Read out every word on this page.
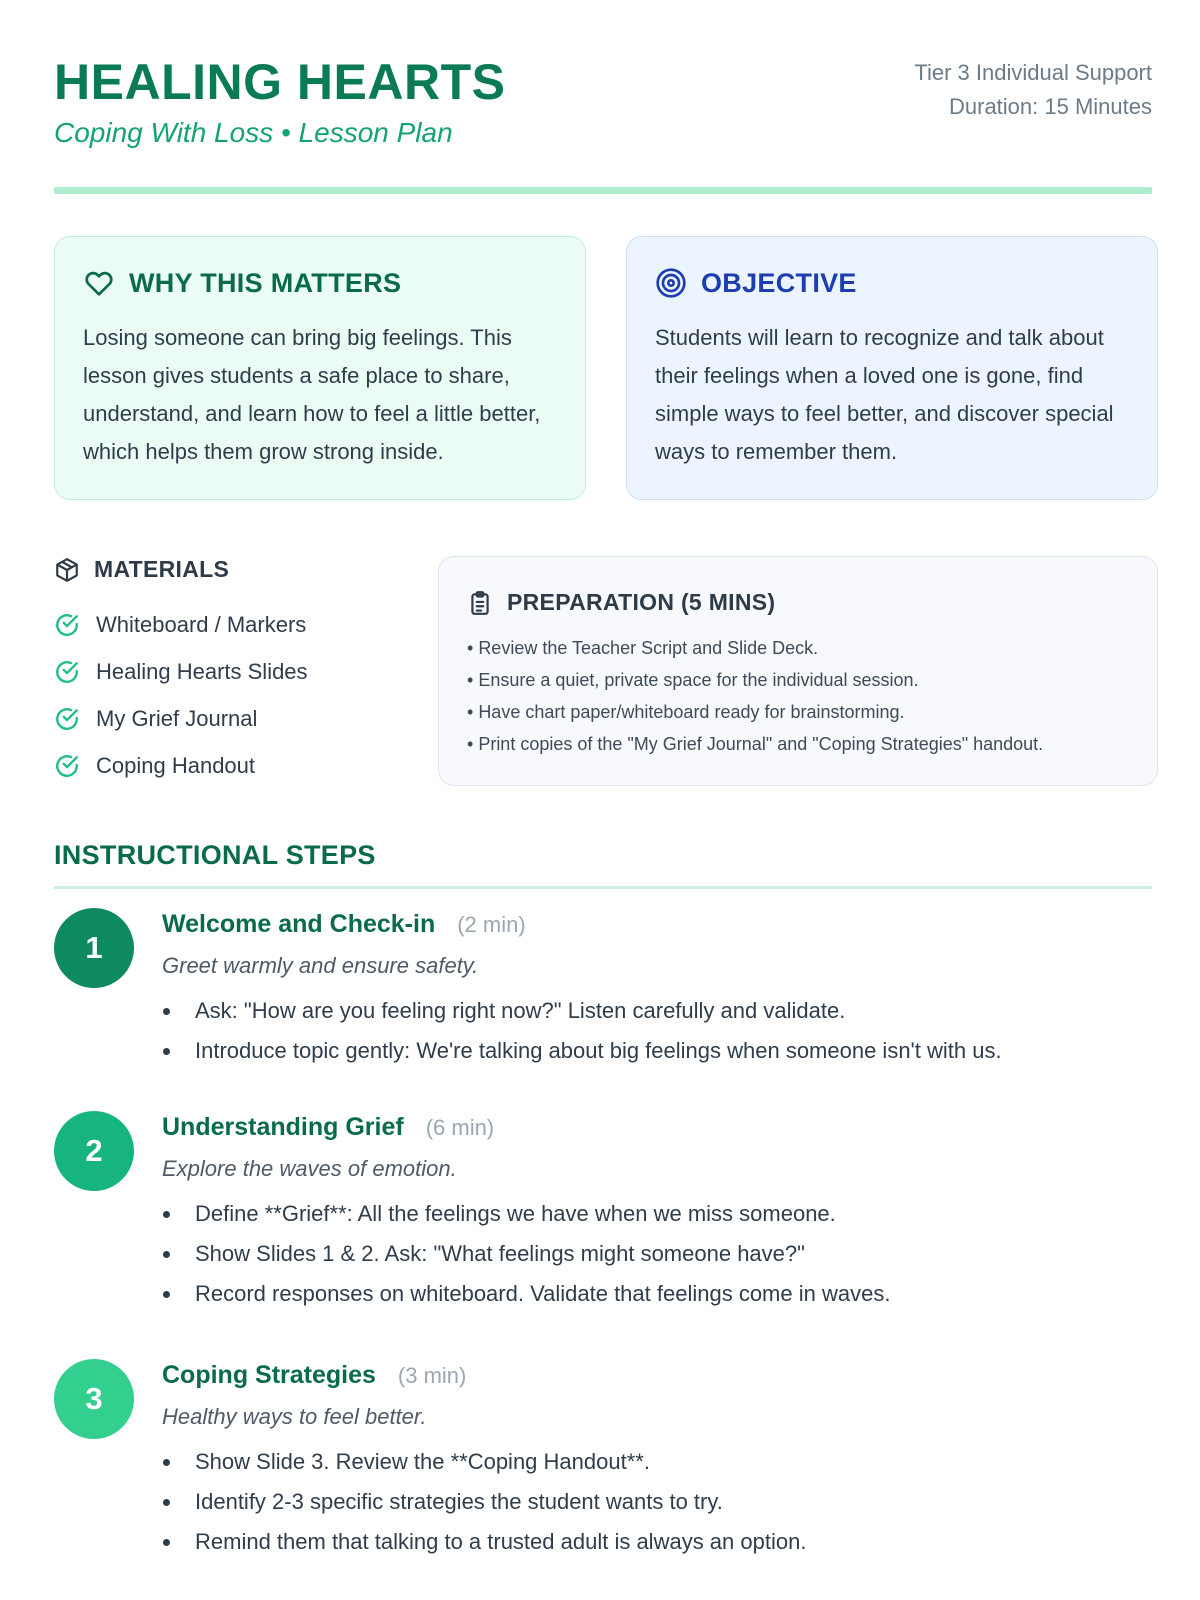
HEALING HEARTS
Coping With Loss • Lesson Plan
Tier 3 Individual Support
Duration: 15 Minutes
WHY THIS MATTERS

Losing someone can bring big feelings. This lesson gives students a safe place to share, understand, and learn how to feel a little better, which helps them grow strong inside.

OBJECTIVE

Students will learn to recognize and talk about their feelings when a loved one is gone, find simple ways to feel better, and discover special ways to remember them.

MATERIALS
Whiteboard / Markers
Healing Hearts Slides
My Grief Journal
Coping Handout
PREPARATION (5 MINS)
• Review the Teacher Script and Slide Deck.
• Ensure a quiet, private space for the individual session.
• Have chart paper/whiteboard ready for brainstorming.
• Print copies of the "My Grief Journal" and "Coping Strategies" handout.
INSTRUCTIONAL STEPS
1
Welcome and Check-in (2 min)
Greet warmly and ensure safety.
Ask: "How are you feeling right now?" Listen carefully and validate.
Introduce topic gently: We're talking about big feelings when someone isn't with us.
2
Understanding Grief (6 min)
Explore the waves of emotion.
Define **Grief**: All the feelings we have when we miss someone.
Show Slides 1 & 2. Ask: "What feelings might someone have?"
Record responses on whiteboard. Validate that feelings come in waves.
3
Coping Strategies (3 min)
Healthy ways to feel better.
Show Slide 3. Review the **Coping Handout**.
Identify 2-3 specific strategies the student wants to try.
Remind them that talking to a trusted adult is always an option.
